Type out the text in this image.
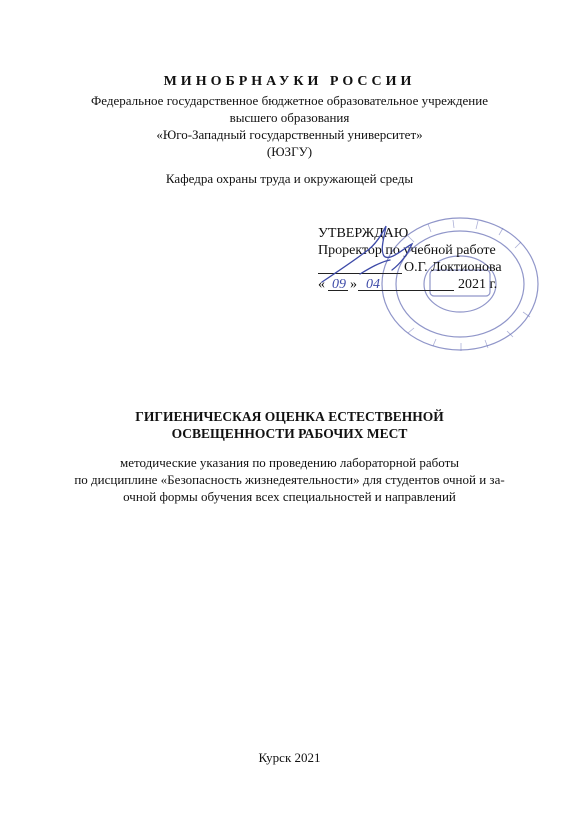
МИНОБРНАУКИ РОССИИ
Федеральное государственное бюджетное образовательное учреждение
высшего образования
«Юго-Западный государственный университет»
(ЮЗГУ)
Кафедра охраны труда и окружающей среды
УТВЕРЖДАЮ
Проректор по учебной работе
О.Г. Локтионова
« 09 » 04	2021 г.
ГИГИЕНИЧЕСКАЯ ОЦЕНКА ЕСТЕСТВЕННОЙ
ОСВЕЩЕННОСТИ РАБОЧИХ МЕСТ
методические указания по проведению лабораторной работы
по дисциплине «Безопасность жизнедеятельности» для студентов очной и за-
очной формы обучения всех специальностей и направлений
Курск 2021
